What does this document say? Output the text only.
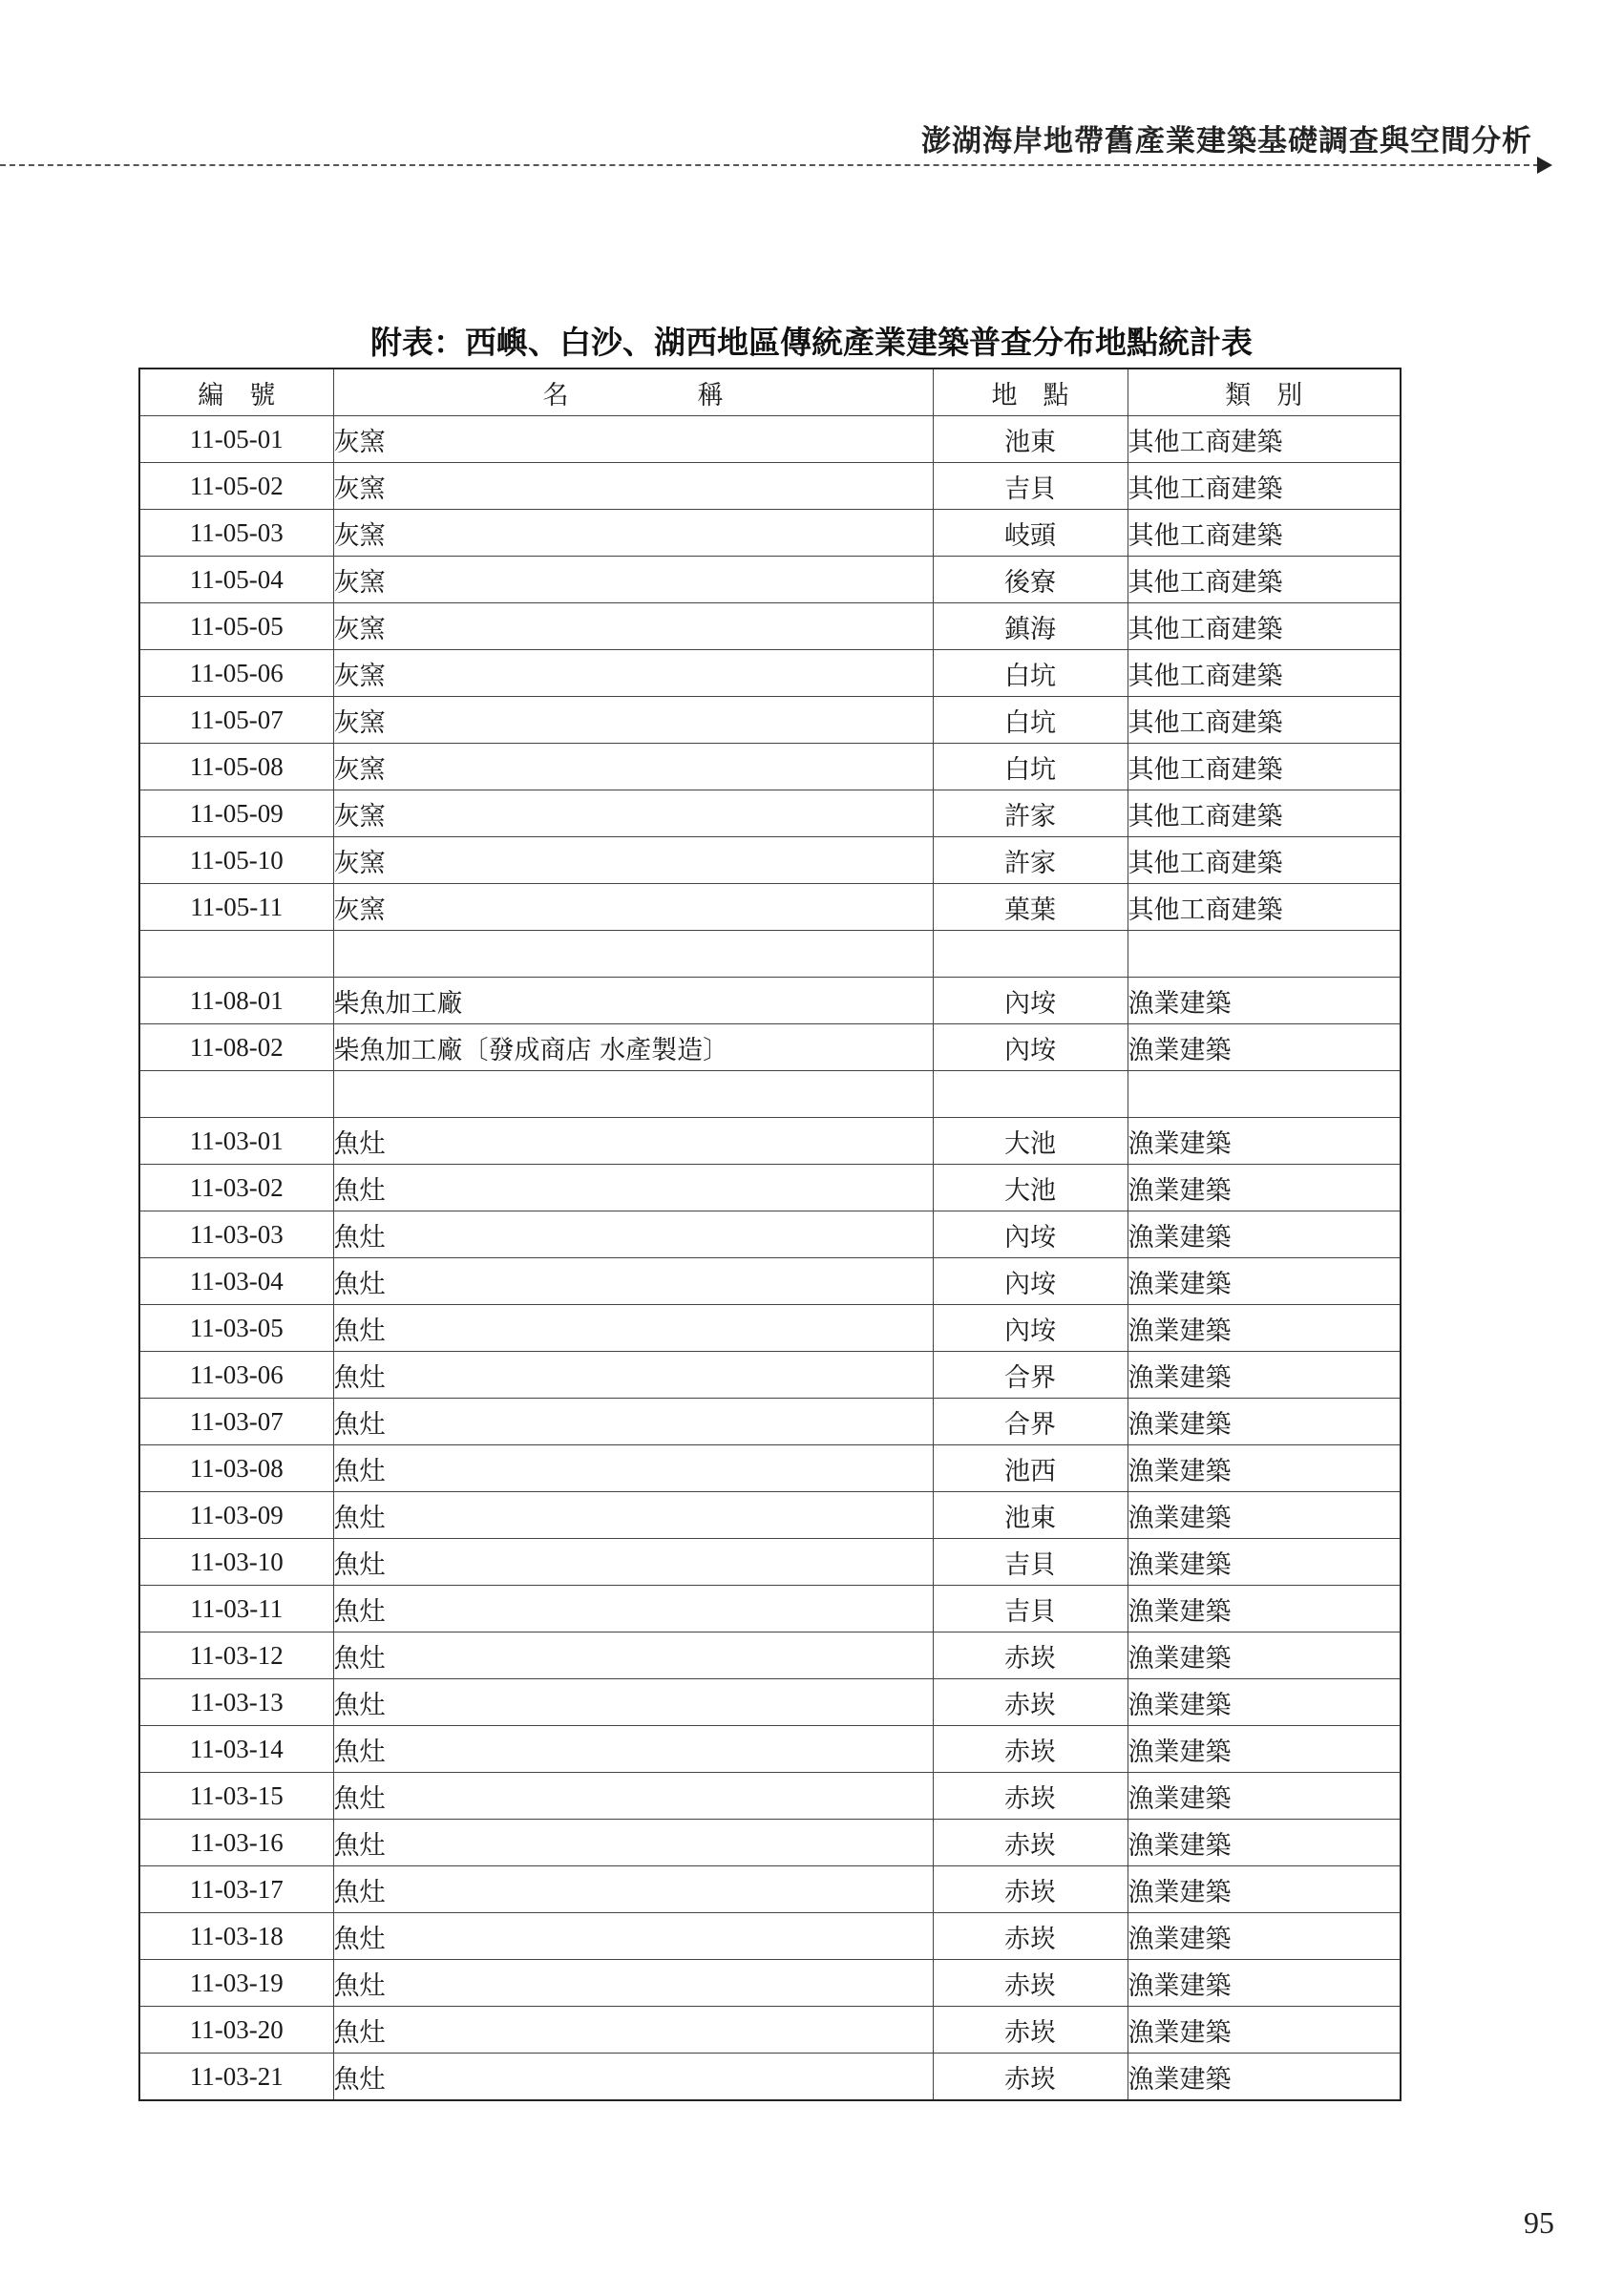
澎湖海岸地帶舊產業建築基礎調查與空間分析
附表：西嶼、白沙、湖西地區傳統產業建築普查分布地點統計表
編　號	名　　　　　稱	地　點	類　別
11-05-01	灰窯	池東	其他工商建築
11-05-02	灰窯	吉貝	其他工商建築
11-05-03	灰窯	岐頭	其他工商建築
11-05-04	灰窯	後寮	其他工商建築
11-05-05	灰窯	鎮海	其他工商建築
11-05-06	灰窯	白坑	其他工商建築
11-05-07	灰窯	白坑	其他工商建築
11-05-08	灰窯	白坑	其他工商建築
11-05-09	灰窯	許家	其他工商建築
11-05-10	灰窯	許家	其他工商建築
11-05-11	灰窯	菓葉	其他工商建築

11-08-01	柴魚加工廠	內垵	漁業建築
11-08-02	柴魚加工廠〔發成商店 水產製造〕	內垵	漁業建築

11-03-01	魚灶	大池	漁業建築
11-03-02	魚灶	大池	漁業建築
11-03-03	魚灶	內垵	漁業建築
11-03-04	魚灶	內垵	漁業建築
11-03-05	魚灶	內垵	漁業建築
11-03-06	魚灶	合界	漁業建築
11-03-07	魚灶	合界	漁業建築
11-03-08	魚灶	池西	漁業建築
11-03-09	魚灶	池東	漁業建築
11-03-10	魚灶	吉貝	漁業建築
11-03-11	魚灶	吉貝	漁業建築
11-03-12	魚灶	赤崁	漁業建築
11-03-13	魚灶	赤崁	漁業建築
11-03-14	魚灶	赤崁	漁業建築
11-03-15	魚灶	赤崁	漁業建築
11-03-16	魚灶	赤崁	漁業建築
11-03-17	魚灶	赤崁	漁業建築
11-03-18	魚灶	赤崁	漁業建築
11-03-19	魚灶	赤崁	漁業建築
11-03-20	魚灶	赤崁	漁業建築
11-03-21	魚灶	赤崁	漁業建築
95
